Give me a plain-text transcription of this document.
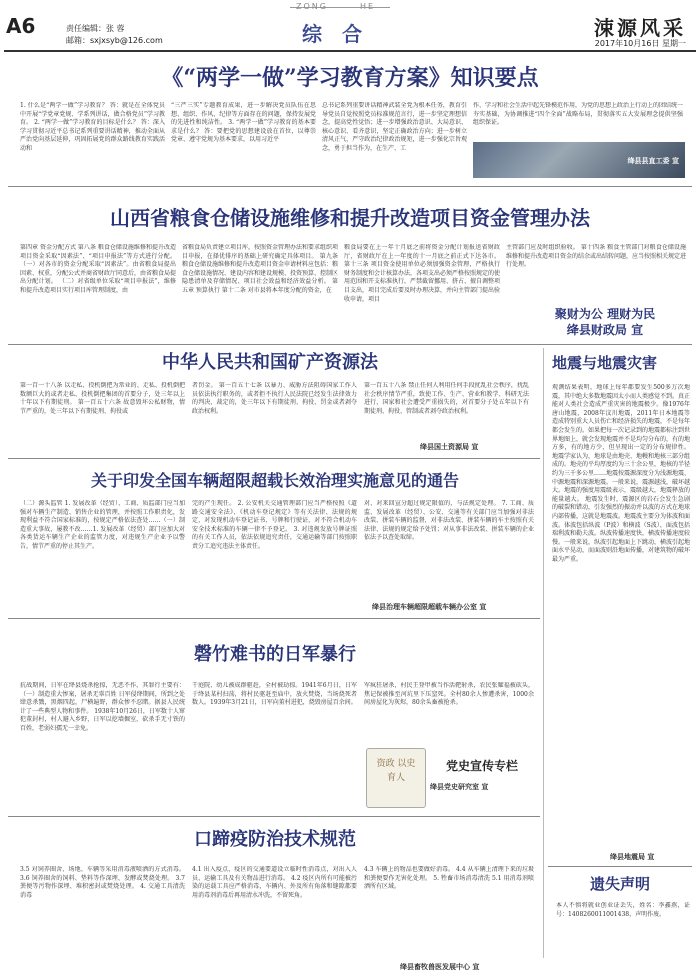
A6	责任编辑：张 蓉
邮箱：sxjxsyb@126.com
ZONG	HE
综合	涑源风采
2017年10月16日 星期一
《“两学一做”学习教育方案》知识要点
1. 什么是“两学一做”学习教育？ 答：就是在全体党员中开展“学党章党规、学系列讲话，做合格党员”学习教育。 2. “两学一做”学习教育的目标是什么？ 答：深入学习贯彻习近平总书记系列重要讲话精神，推动全面从严治党向基层延伸，巩固拓展党的群众路线教育实践活动和
“三严三实”专题教育成果，进一步解决党员队伍在思想、组织、作风、纪律等方面存在的问题，保持发展党的先进性和纯洁性。 3. “两学一做”学习教育的基本要求是什么？ 答：要把党的思想建设放在首位，以尊崇党章、遵守党规为基本要求，以用习近平
总书记系列重要讲话精神武装全党为根本任务，教育引导党员自觉按照党员标准规范言行，进一步坚定理想信念，提高党性觉悟；进一步增强政治意识、大局意识、核心意识、看齐意识，坚定正确政治方向；进一步树立清风正气，严守政治纪律政治规矩，进一步强化宗旨观念，勇于担当作为，在生产、工
作、学习和社会生活中起先锋模范作用，为党的思想上政治上行动上的团结统一夯实基础，为协调推进“四个全面”战略布局，贯彻落实五大发展理念提供坚强组织保证。
绛县县直工委 宣
山西省粮食仓储设施维修和提升改造项目资金管理办法
第四章 资金分配方式 第八条 粮食仓储设施维修和提升改造项目资金采取“因素法”、“项目申报法”等方式进行分配。 （一）对各市的资金分配采取“因素法”。由省粮食局提出因素、权重，分配公式并商省财政厅同意后，由省粮食局提出分配计划。 （二）对省级单位采取“项目申报法”，维修和提升改造项目实行项目库管理制度，由
省粮食局负责建立项目库，按照资金管理办法和要求组织项目申报，在择优排序的基础上研究确定具体项目。 第九条 粮食仓储设施维修和提升改造项目资金申请材料应包括：粮食仓储设施情况、建设内容和建设规模、投资预算、控制区隐患清单及存储情况、项目社会效益和经济效益分析。 第五章 预算执行 第十二条 对市县将本年度分配的资金，在
粮食局要在上一年十月底之前将资金分配计划报送省财政厅，省财政厅在上一年度的十一月底之前正式下达各市。 第十三条 项目资金使用单位必须加强资金管理，严格执行财务制度和会计核算办法，各项支出必须严格按照规定的使用范围和开支标准执行，严禁截留挪用、挤占、擅自调整项目支出，项目完成后要及时办理决算，并向主管部门提出验收申请，项目
主管部门应及时组织验收。 第十四条 粮食主管部门对粮食仓储设施维修和提升改造项目资金的结余或出结转问题，应当按照相关规定进行处理。
聚财为公 理财为民
绛县财政局 宣
中华人民共和国矿产资源法
第一百一十八条 以走私、投机倒把为常业的、走私、投机倒把数额巨大的或者走私、投机倒把集团的首要分子，处三年以上十年以下有期徒刑。 第一百五十六条 故意毁坏公私财物，情节严重的，处三年以下有期徒刑、拘役或
者罚金。 第一百五十七条 以暴力、威胁方法阻碍国家工作人员依法执行职务的，或者拒不执行人民法院已经发生法律效力的判决、裁定的，处三年以下有期徒刑、拘役、罚金或者剥夺政治权利。
第一百五十八条 禁止任何人利用任何手段扰乱社会秩序，扰乱社会秩序情节严重，致使工作、生产、营业和教学、科研无法进行，国家和社会遭受严重损失的，对首要分子处五年以下有期徒刑、拘役、管制或者剥夺政治权利。
绛县国土资源局 宣
地震与地震灾害
观测结果表明，地球上每年都要发生500多万次地震，其中绝大多数地震因太小而人类感觉不到。真正能对人类社会造成严重灾害的地震极少。像1976年唐山地震，2008年汶川地震，2011年日本地震等造成特别重大人员伤亡和经济损失的地震，不是每年都会发生的。如果把每一次记录到的地震都标注到世界地图上，就会发现地震并不是均匀分布的，有的地方多，有的地方少，但呈现出一定的分布规律性。 地震学家认为，地球是由地壳、地幔和地核三部分组成的。地壳的平均厚度约为三十余公里，地核的半径约为三千多公里……地震按震源深度分为浅源地震、中源地震和深源地震。一般来说，震源越浅，破坏越大。地震的强度用震级表示，震级越大，地震释放的能量越大。 地震发生时，震源区的岩石会发生急剧的破裂和错动，引发强烈的振动并以波的方式在地球内部传播，这就是地震波。地震波主要分为体波和面波。体波包括纵波（P波）和横波（S波），面波包括瑞利波和勒夫波。纵波传播速度快，横波传播速度较慢。一般来说，纵波引起地面上下跳动，横波引起地面水平晃动，而面波则沿地面传播，对建筑物的破坏最为严重。
绛县地震局 宣
遗失声明
本人不慎将就业创业证丢失，姓名：李鑫燕，证号：1408260011001438，声明作废。
关于印发全国车辆超限超载长效治理实施意见的通告
（二）源头监管 1. 发展改革（经贸）、工商、质监部门应当加强对车辆生产制造、销售企业的管理，并按照工作职责化，发现利益不符合国家标准的，按规定严格依法查处……（一）制造重大事故，屡教不改……1. 发展改革（经贸）部门应加大对各类货运车辆生产企业的监管力度，对违规生产企业予以警告，情节严重的停止其生产。
完的产生现任。 2. 公安机关交通管理部门应当严格按照《道路交通安全法》、《机动车登记规定》等有关法律、法规的规定，对发现机动车登记证书、号牌和行驶证，对不符合机动车安全技术标准的车辆一律不予登记。 3. 对违规发放号牌证照的有关工作人员，依法依规追究责任，交通运输等部门按照职责分工追究违法主体责任。
对、对来回宣分超过规定限值的，与法规定处理。 7. 工商、质监、发展改革（经贸）、公安、交通等有关部门应当加强对非法改装、拼装车辆的监督，对非法改装、拼装车辆的车主按照有关法律、法规的规定给予处罚；对从事非法改装、拼装车辆的企业依法予以查处取缔。
绛县治理车辆超限超载车辆办公室 宣
磬竹难书的日军暴行
抗战期间，日军在绛县烧杀抢掠，无恶不作，其罪行主要有： （一）制造重大惨案，屠杀无辜百姓 日军侵绛期间，所到之处肆意杀戮，黑烟四起，尸横遍野，群众惨不忍睹。据县人民统计了一些典型人物和事件。 1938年10月26日，日军数十人窜犯董封村，村人避入乡野，日军以挖墙掘室，砍杀手无寸铁的百姓，老弱妇孺无一幸免。
干庭院、幼儿被成群驱赶，全村被劫掠。1941年6月日，日军于绛县某村扫荡，将村民驱赶至庙中，放火焚烧，当场烧死者数人。1939年3月21日，日军向董村进犯，烧毁房屋百余间。
军疯狂屠杀，村民王登甲被当作活靶射杀，农民张耀福被砍头，焦记保被推至河坑里下压窒死。全村80余人惨遭杀害，1000余间房屋化为灰烬，80余头畜被抢杀。
资政 以史 育人
党史宣传专栏
绛县党史研究室 宣
口蹄疫防治技术规范
3.5 对饲养圈舍、场地、车辆等采用消毒液喷洒的方式消毒。 3.6 饲养圈舍的饲料、垫料等作深埋、发酵或焚烧处理。 3.7 粪便等污物作深埋、堆积密封或焚烧处理。 4. 交通工具清洗消毒
4.1 出入疫点、疫区的交通要道设立临时性消毒点，对出入人员、运输工具及有关物品进行消毒。 4.2 疫区内所有可能被污染的运载工具应严格消毒，车辆内、外及所有角落和缝隙都要用消毒剂消毒后再用清水冲洗，不留死角。
4.3 车辆上的物品也要做好消毒。 4.4 从车辆上清理下来的垃圾和粪便要作无害化处理。 5. 牲畜市场消毒清洗 5.1 用消毒剂喷洒所有区域。
绛县畜牧兽医发展中心 宣
